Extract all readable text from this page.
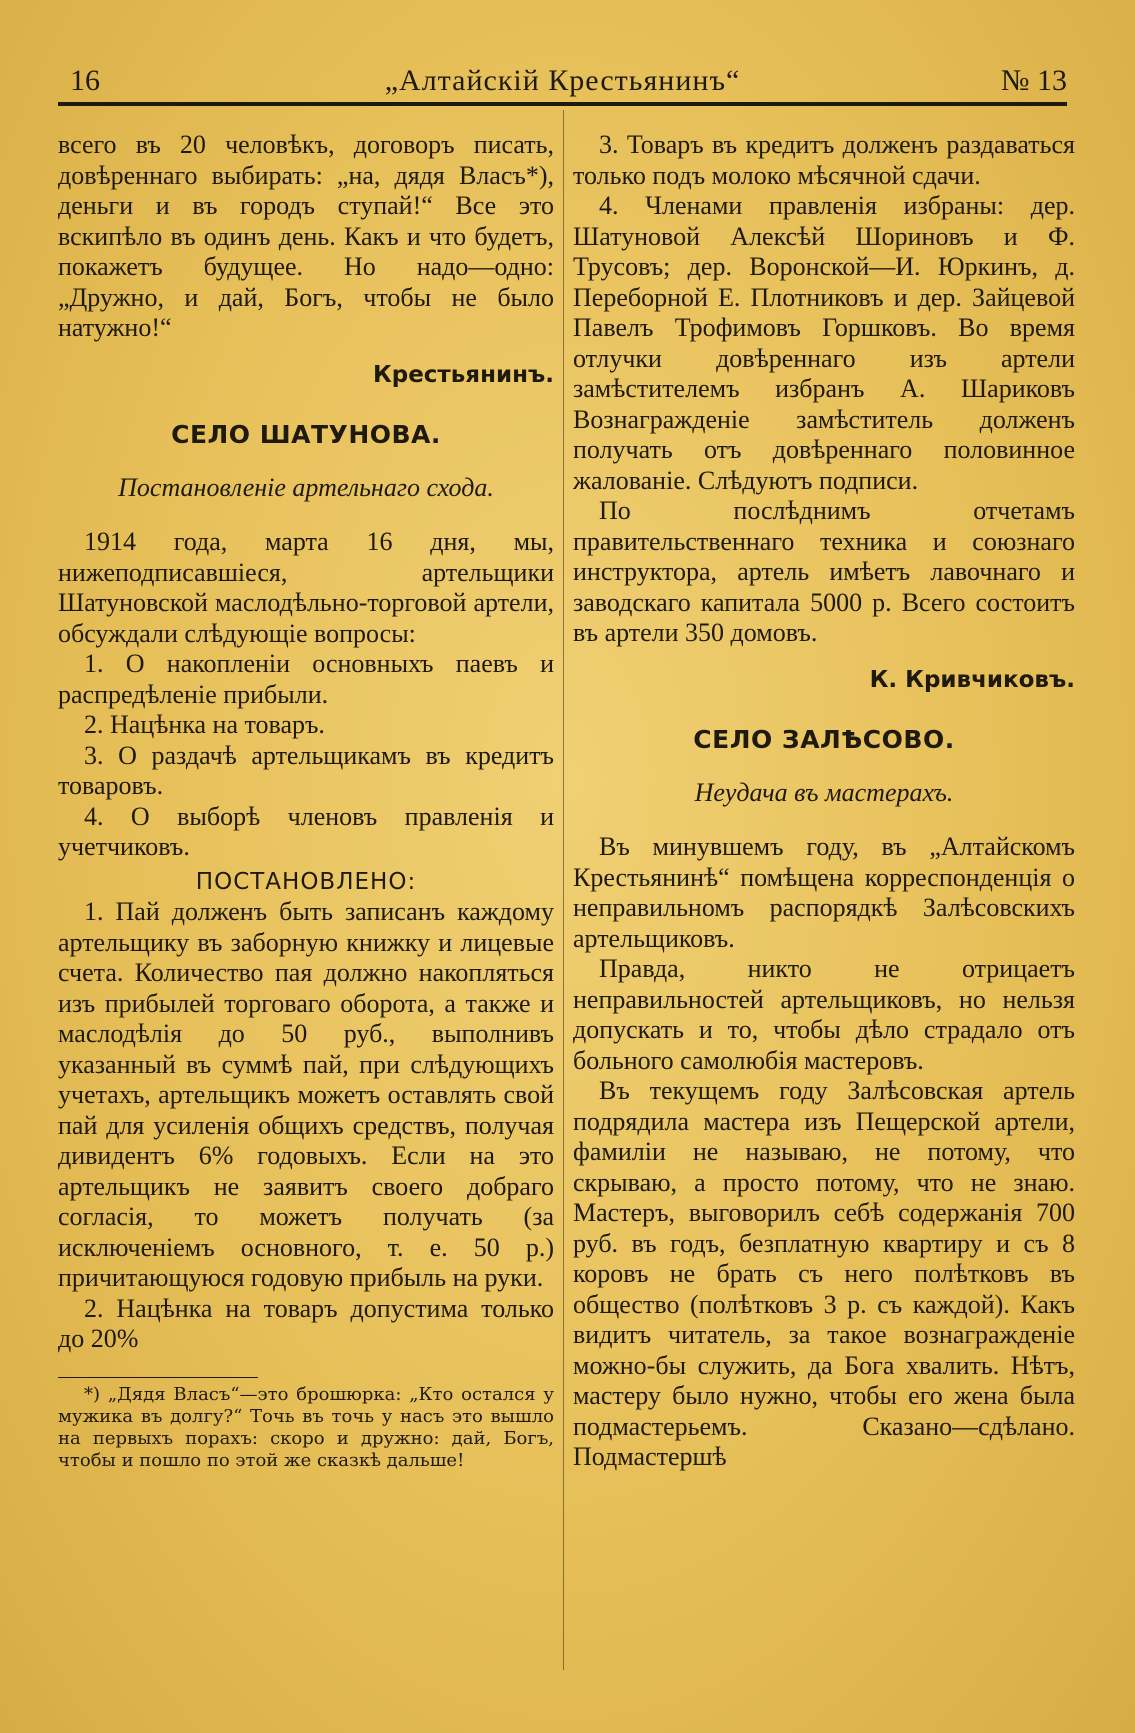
16	„Алтайскій Крестьянинъ“	№ 13

всего въ 20 человѣкъ, договоръ писать, довѣреннаго выбирать: „на, дядя Власъ*), деньги и въ городъ ступай!“ Все это вскипѣло въ одинъ день. Какъ и что будетъ, покажетъ будущее. Но надо—одно: „Дружно, и дай, Богъ, чтобы не было натужно!“

Крестьянинъ.
СЕЛО ШАТУНОВА.
Постановленіе артельнаго схода.

1914 года, марта 16 дня, мы, нижеподписавшіеся, артельщики Шатуновской маслодѣльно-торговой артели, обсуждали слѣдующіе вопросы:

1. О накопленіи основныхъ паевъ и распредѣленіе прибыли.

2. Нацѣнка на товаръ.

3. О раздачѣ артельщикамъ въ кредитъ товаровъ.

4. О выборѣ членовъ правленія и учетчиковъ.

ПОСТАНОВЛЕНО:

1. Пай долженъ быть записанъ каждому артельщику въ заборную книжку и лицевые счета. Количество пая должно накопляться изъ прибылей торговаго оборота, а также и маслодѣлія до 50 руб., выполнивъ указанный въ суммѣ пай, при слѣдующихъ учетахъ, артельщикъ можетъ оставлять свой пай для усиленія общихъ средствъ, получая дивидентъ 6% годовыхъ. Если на это артельщикъ не заявитъ своего добраго согласія, то можетъ получать (за исключеніемъ основного, т. е. 50 р.) причитающуюся годовую прибыль на руки.

2. Нацѣнка на товаръ допустима только до 20%

*) „Дядя Власъ“—это брошюрка: „Кто остался у мужика въ долгу?“ Точь въ точь у насъ это вышло на первыхъ порахъ: скоро и дружно: дай, Богъ, чтобы и пошло по этой же сказкѣ дальше!

3. Товаръ въ кредитъ долженъ раздаваться только подъ молоко мѣсячной сдачи.

4. Членами правленія избраны: дер. Шатуновой Алексѣй Шориновъ и Ф. Трусовъ; дер. Воронской—И. Юркинъ, д. Переборной Е. Плотниковъ и дер. Зайцевой Павелъ Трофимовъ Горшковъ. Во время отлучки довѣреннаго изъ артели замѣстителемъ избранъ А. Шариковъ Вознагражденіе замѣститель долженъ получать отъ довѣреннаго половинное жалованіе. Слѣдуютъ подписи.

По послѣднимъ отчетамъ правительственнаго техника и союзнаго инструктора, артель имѣетъ лавочнаго и заводскаго капитала 5000 р. Всего состоитъ въ артели 350 домовъ.

К. Кривчиковъ.
СЕЛО ЗАЛѢСОВО.
Неудача въ мастерахъ.

Въ минувшемъ году, въ „Алтайскомъ Крестьянинѣ“ помѣщена корреспонденція о неправильномъ распорядкѣ Залѣсовскихъ артельщиковъ.

Правда, никто не отрицаетъ неправильностей артельщиковъ, но нельзя допускать и то, чтобы дѣло страдало отъ больного самолюбія мастеровъ.

Въ текущемъ году Залѣсовская артель подрядила мастера изъ Пещерской артели, фамиліи не называю, не потому, что скрываю, а просто потому, что не знаю. Мастеръ, выговорилъ себѣ содержанія 700 руб. въ годъ, безплатную квартиру и съ 8 коровъ не брать съ него полѣтковъ въ общество (полѣтковъ 3 р. съ каждой). Какъ видитъ читатель, за такое вознагражденіе можно-бы служить, да Бога хвалить. Нѣтъ, мастеру было нужно, чтобы его жена была подмастерьемъ. Сказано—сдѣлано. Подмастершѣ
